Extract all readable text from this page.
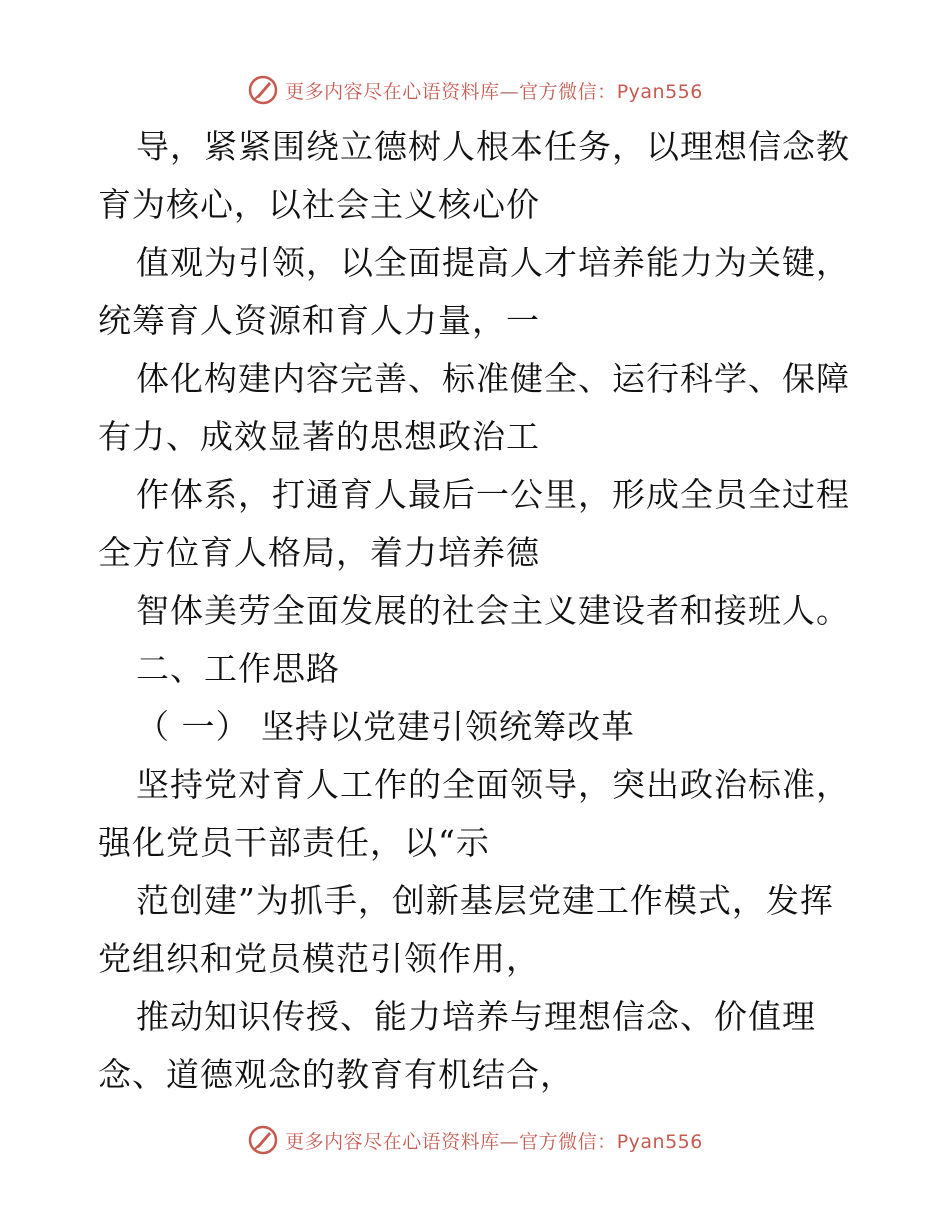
更多内容尽在心语资料库—官方微信：Pyan556
导，紧紧围绕立德树人根本任务，以理想信念教
育为核心，以社会主义核心价
值观为引领，以全面提高人才培养能力为关键，
统筹育人资源和育人力量，一
体化构建内容完善、标准健全、运行科学、保障
有力、成效显著的思想政治工
作体系，打通育人最后一公里，形成全员全过程
全方位育人格局，着力培养德
智体美劳全面发展的社会主义建设者和接班人。
二、工作思路
（ 一） 坚持以党建引领统筹改革
坚持党对育人工作的全面领导，突出政治标准，
强化党员干部责任，以“示
范创建”为抓手，创新基层党建工作模式，发挥
党组织和党员模范引领作用，
推动知识传授、能力培养与理想信念、价值理
念、道德观念的教育有机结合，
更多内容尽在心语资料库—官方微信：Pyan556
